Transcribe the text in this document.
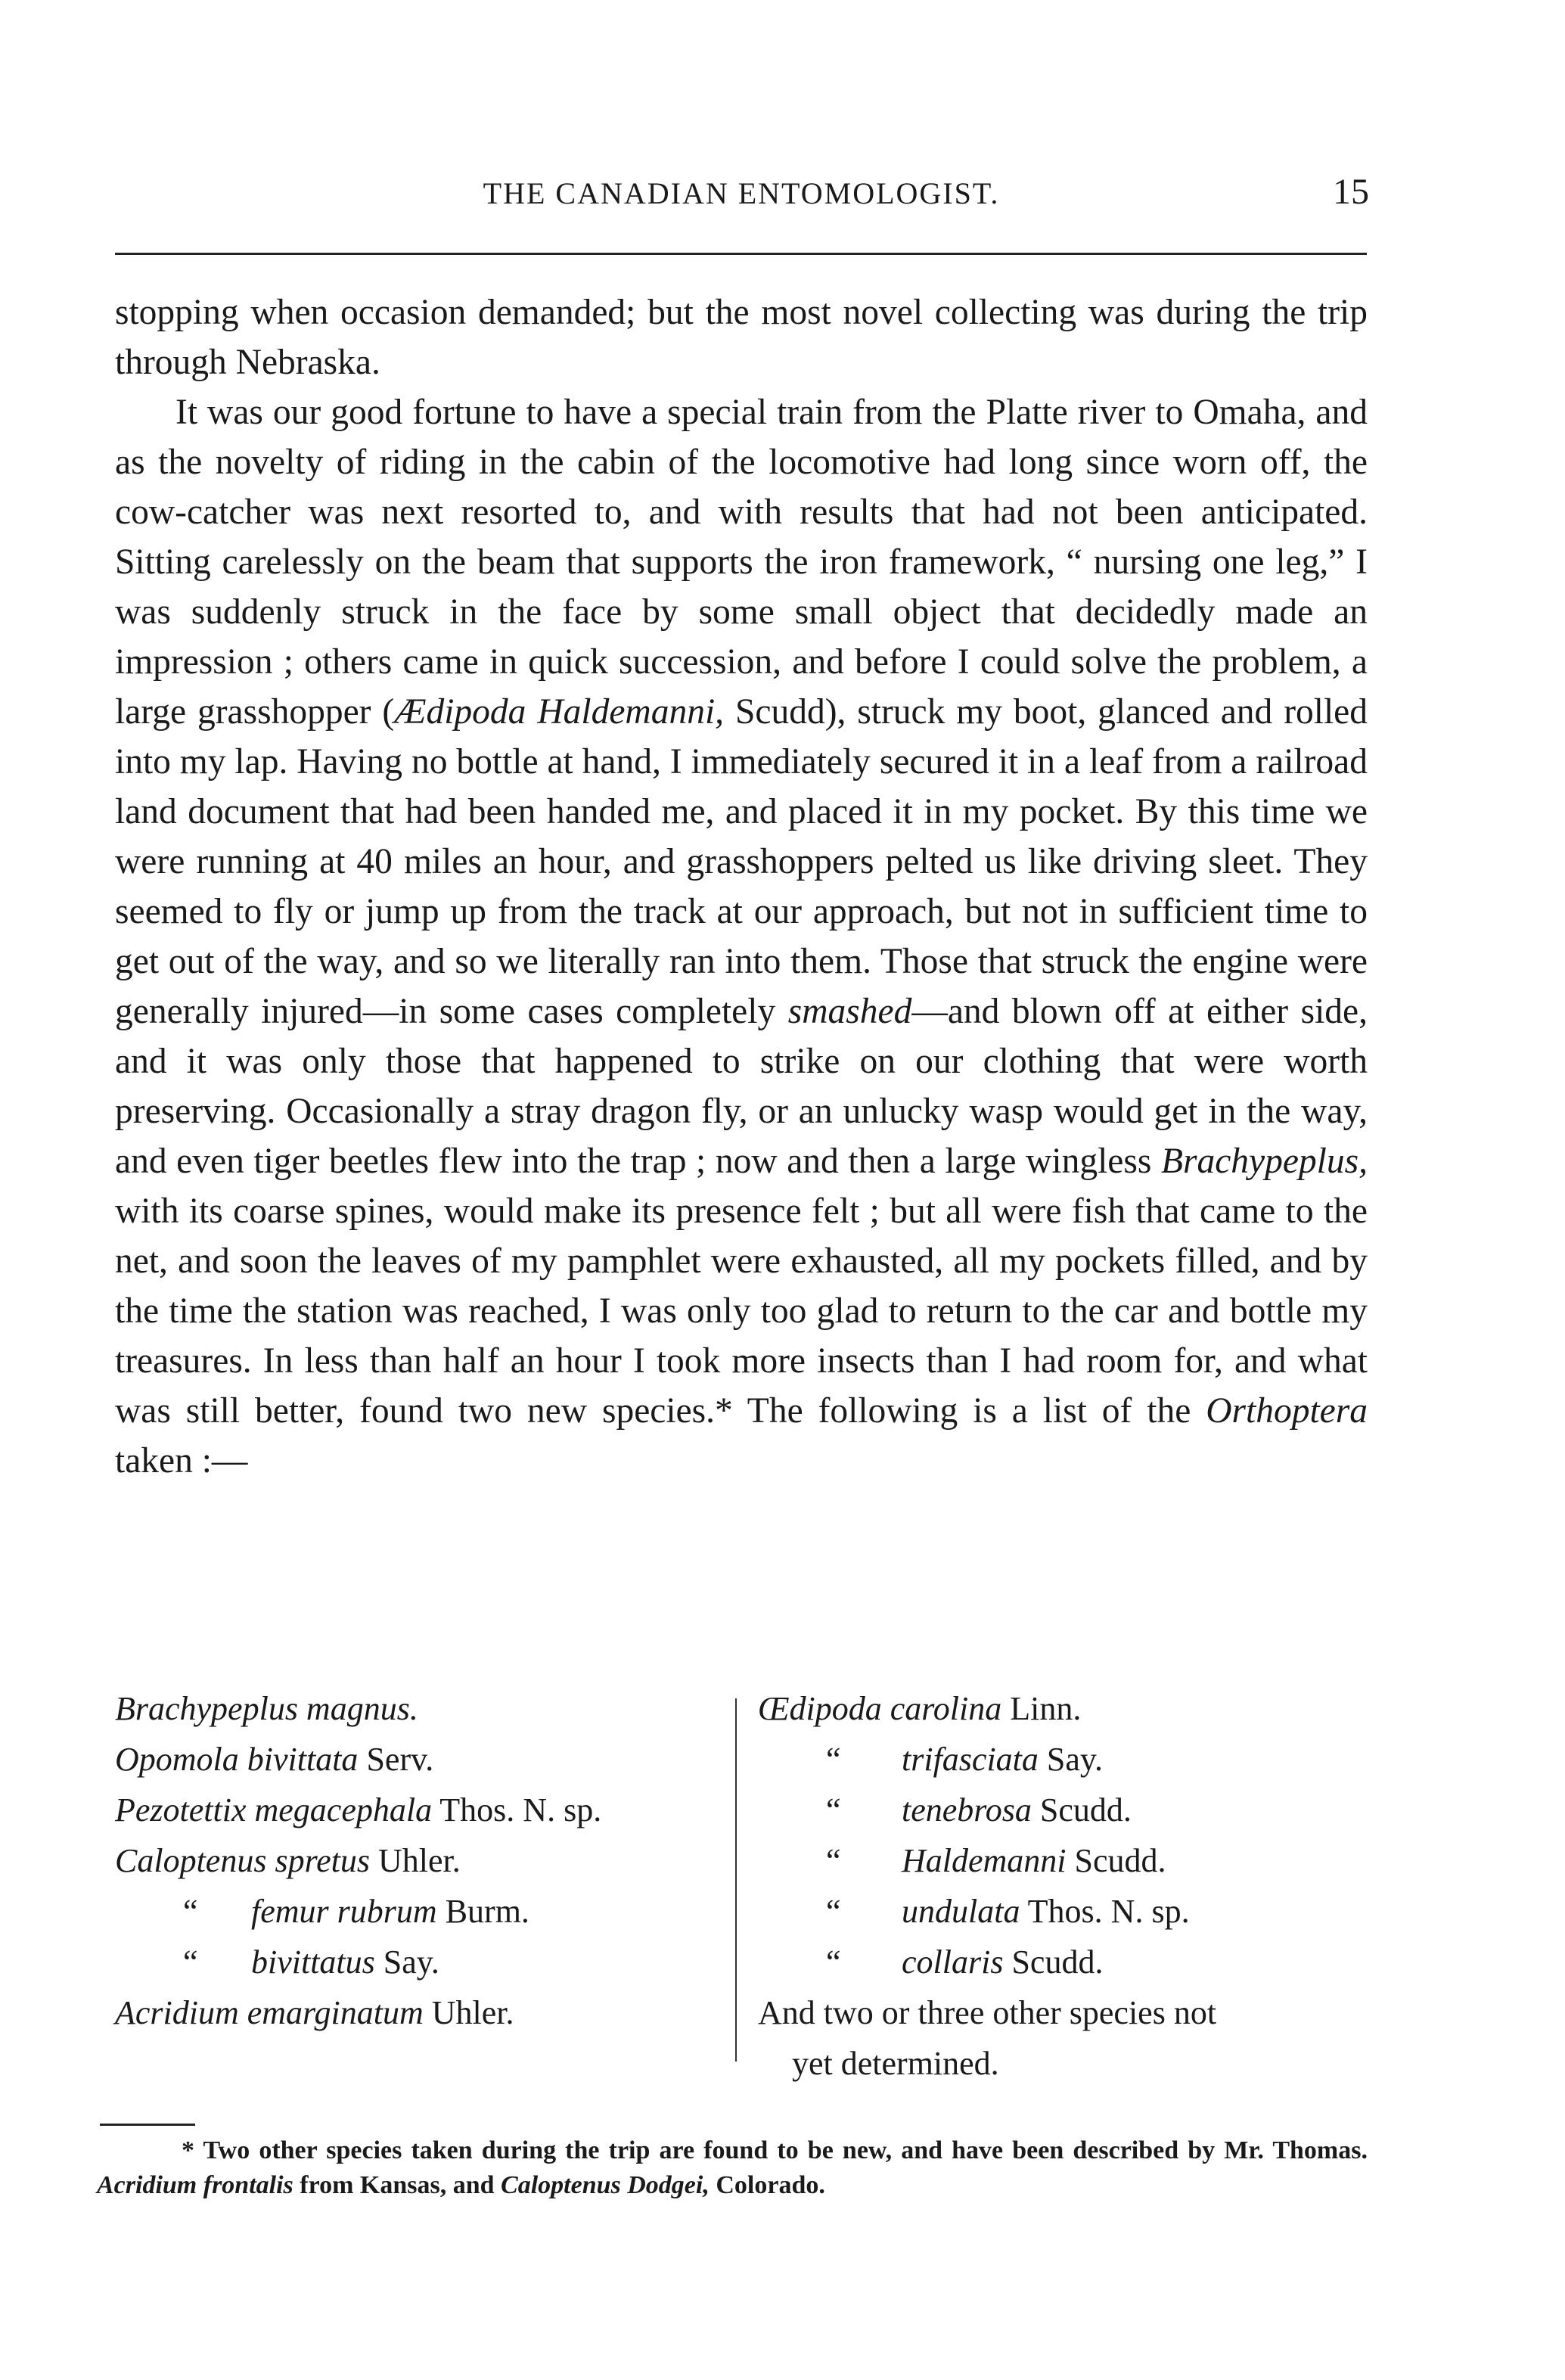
THE CANADIAN ENTOMOLOGIST.	15

stopping when occasion demanded; but the most novel collecting was during the trip through Nebraska.

It was our good fortune to have a special train from the Platte river to Omaha, and as the novelty of riding in the cabin of the locomotive had long since worn off, the cow-catcher was next resorted to, and with results that had not been anticipated. Sitting carelessly on the beam that supports the iron framework, “ nursing one leg,” I was suddenly struck in the face by some small object that decidedly made an impression ; others came in quick succession, and before I could solve the problem, a large grasshopper (Ædipoda Haldemanni, Scudd), struck my boot, glanced and rolled into my lap. Having no bottle at hand, I immediately secured it in a leaf from a railroad land document that had been handed me, and placed it in my pocket. By this time we were running at 40 miles an hour, and grasshoppers pelted us like driving sleet. They seemed to fly or jump up from the track at our approach, but not in sufficient time to get out of the way, and so we literally ran into them. Those that struck the engine were generally injured—in some cases completely smashed—and blown off at either side, and it was only those that happened to strike on our clothing that were worth preserving. Occasionally a stray dragon fly, or an unlucky wasp would get in the way, and even tiger beetles flew into the trap ; now and then a large wingless Brachypeplus, with its coarse spines, would make its presence felt ; but all were fish that came to the net, and soon the leaves of my pamphlet were exhausted, all my pockets filled, and by the time the station was reached, I was only too glad to return to the car and bottle my treasures. In less than half an hour I took more insects than I had room for, and what was still better, found two new species.* The following is a list of the Orthoptera taken :—

Brachypeplus magnus.
Opomola bivittata Serv.
Pezotettix megacephala Thos. N. sp.
Caloptenus spretus Uhler.
“ femur rubrum Burm.
“ bivittatus Say.
Acridium emarginatum Uhler.
Œdipoda carolina Linn.
“ trifasciata Say.
“ tenebrosa Scudd.
“ Haldemanni Scudd.
“ undulata Thos. N. sp.
“ collaris Scudd.
And two or three other species not
yet determined.
* Two other species taken during the trip are found to be new, and have been described by Mr. Thomas. Acridium frontalis from Kansas, and Caloptenus Dodgei, Colorado.
